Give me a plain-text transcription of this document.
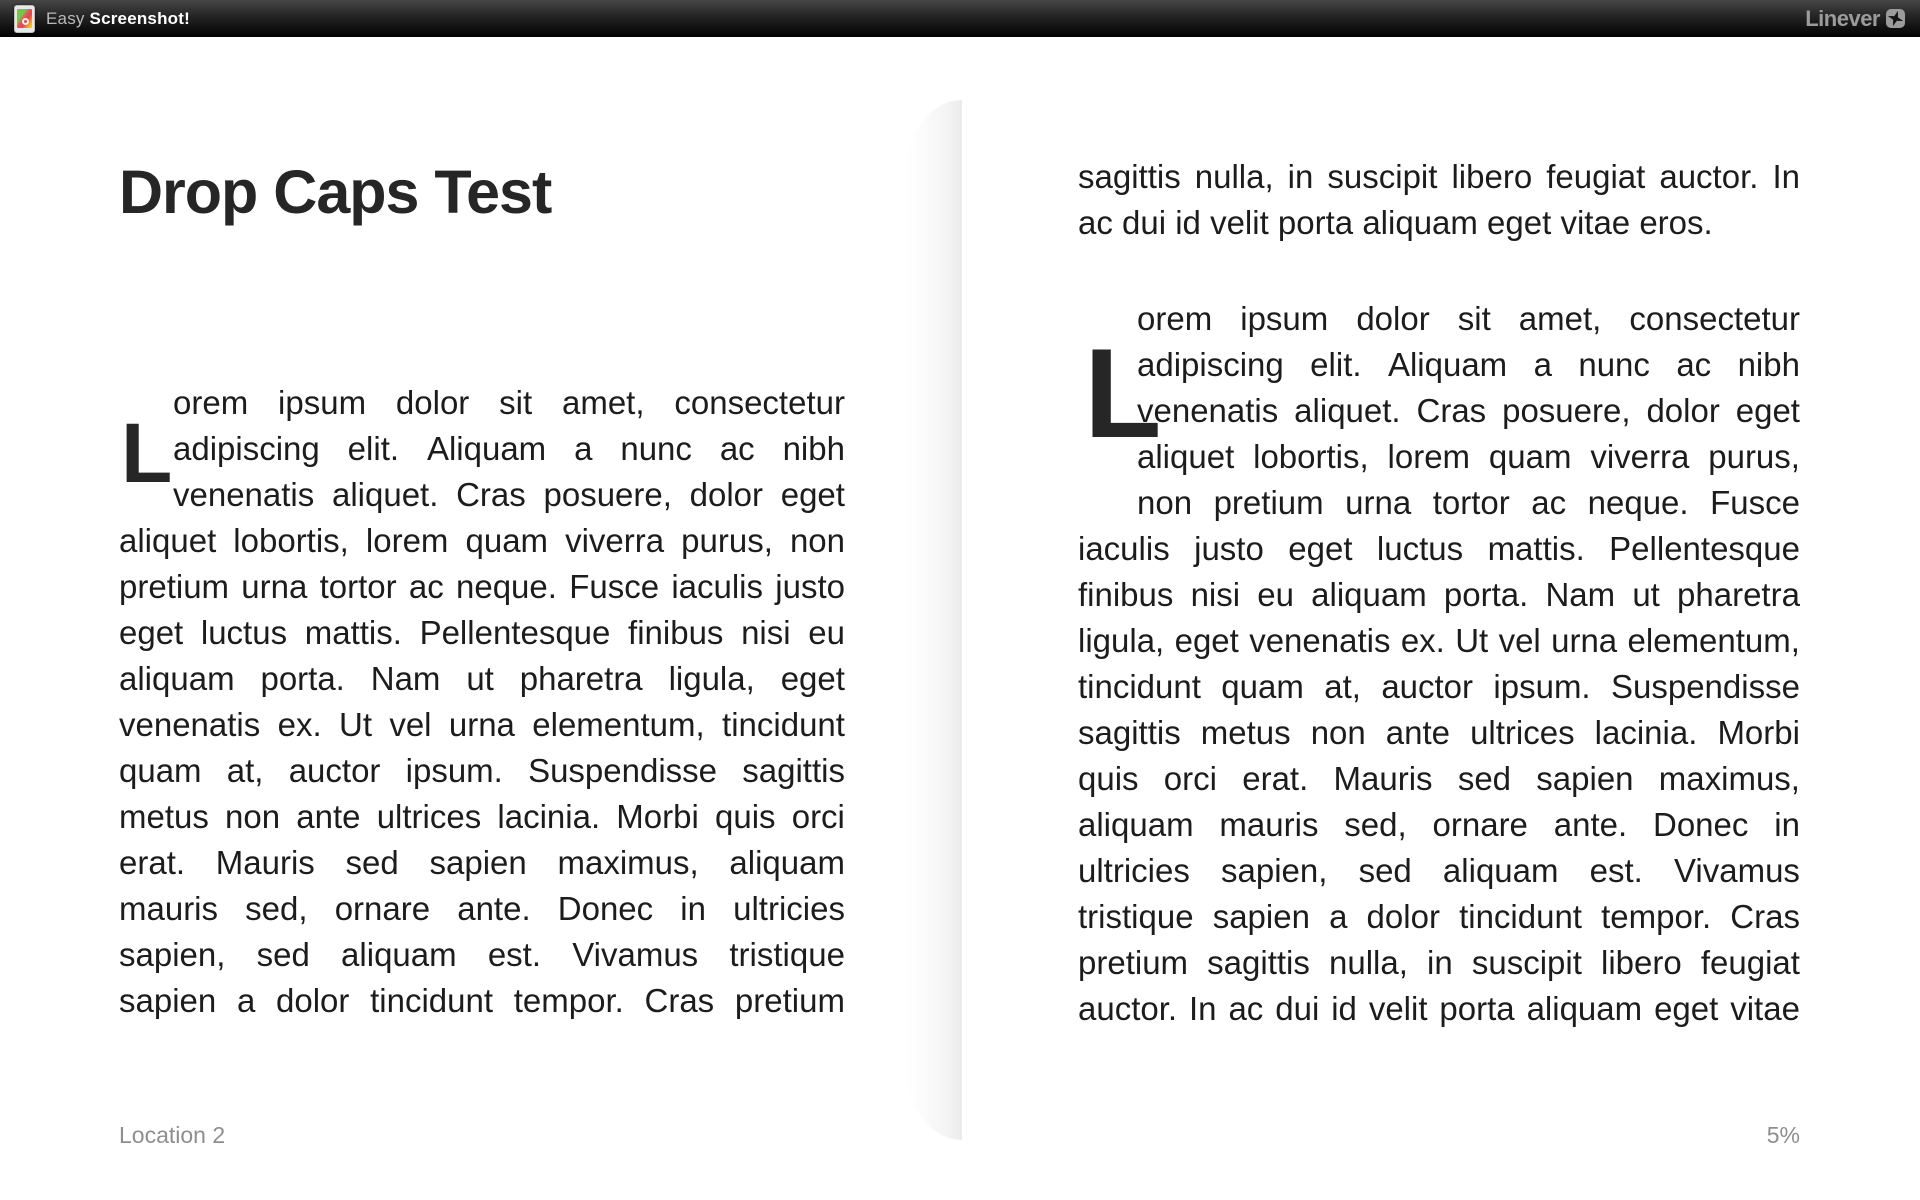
Easy Screenshot!	Linever
Drop Caps Test
L
orem ipsum dolor sit amet, consectetur
adipiscing elit. Aliquam a nunc ac nibh
venenatis aliquet. Cras posuere, dolor eget
aliquet lobortis, lorem quam viverra purus, non
pretium urna tortor ac neque. Fusce iaculis justo
eget luctus mattis. Pellentesque finibus nisi eu
aliquam porta. Nam ut pharetra ligula, eget
venenatis ex. Ut vel urna elementum, tincidunt
quam at, auctor ipsum. Suspendisse sagittis
metus non ante ultrices lacinia. Morbi quis orci
erat. Mauris sed sapien maximus, aliquam
mauris sed, ornare ante. Donec in ultricies
sapien, sed aliquam est. Vivamus tristique
sapien a dolor tincidunt tempor. Cras pretium
sagittis nulla, in suscipit libero feugiat auctor. In
ac dui id velit porta aliquam eget vitae eros.
L
orem ipsum dolor sit amet, consectetur
adipiscing elit. Aliquam a nunc ac nibh
venenatis aliquet. Cras posuere, dolor eget
aliquet lobortis, lorem quam viverra purus,
non pretium urna tortor ac neque. Fusce
iaculis justo eget luctus mattis. Pellentesque
finibus nisi eu aliquam porta. Nam ut pharetra
ligula, eget venenatis ex. Ut vel urna elementum,
tincidunt quam at, auctor ipsum. Suspendisse
sagittis metus non ante ultrices lacinia. Morbi
quis orci erat. Mauris sed sapien maximus,
aliquam mauris sed, ornare ante. Donec in
ultricies sapien, sed aliquam est. Vivamus
tristique sapien a dolor tincidunt tempor. Cras
pretium sagittis nulla, in suscipit libero feugiat
auctor. In ac dui id velit porta aliquam eget vitae
Location 2	5%
